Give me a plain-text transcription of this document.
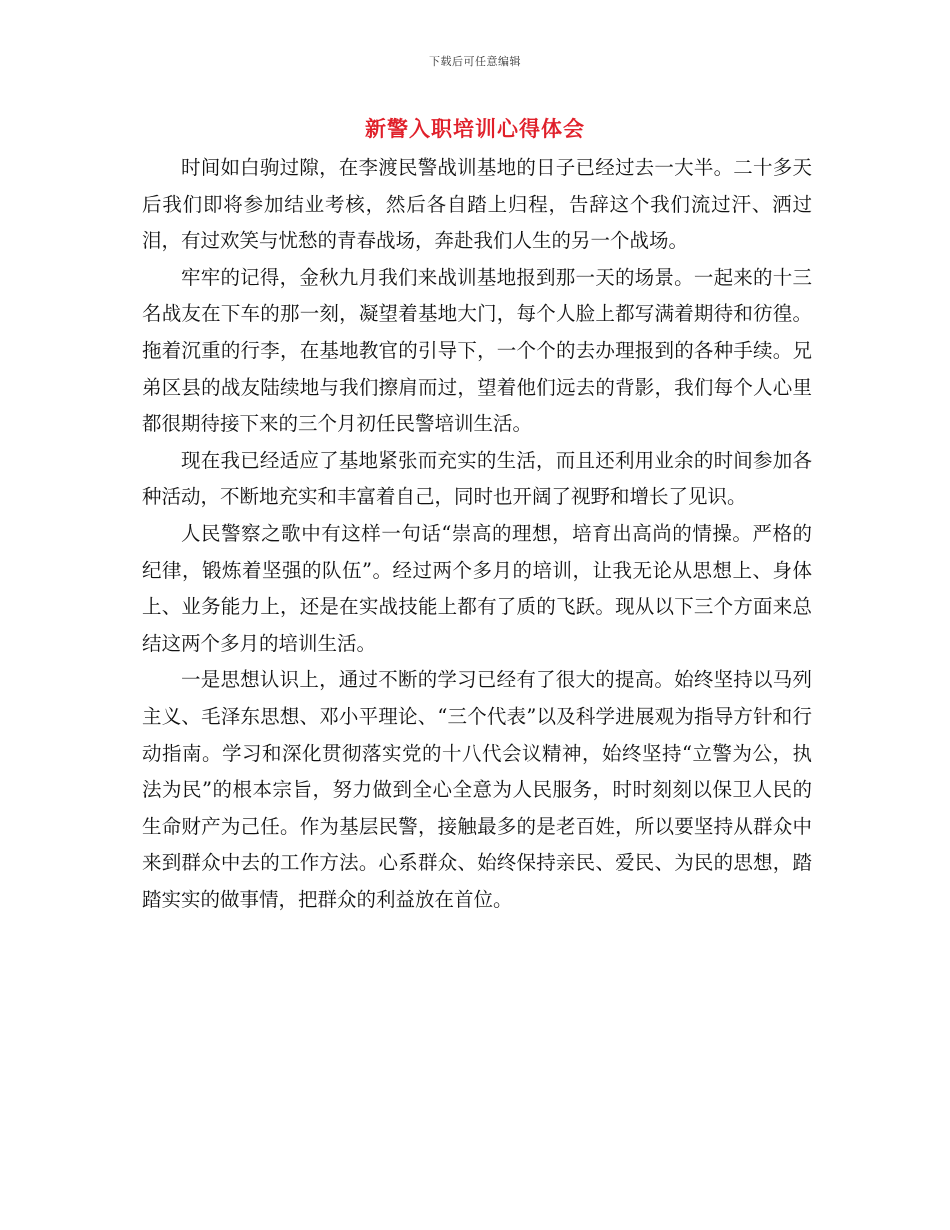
下载后可任意编辑
新警入职培训心得体会

时间如白驹过隙，在李渡民警战训基地的日子已经过去一大半。二十多天后我们即将参加结业考核，然后各自踏上归程，告辞这个我们流过汗、洒过泪，有过欢笑与忧愁的青春战场，奔赴我们人生的另一个战场。

牢牢的记得，金秋九月我们来战训基地报到那一天的场景。一起来的十三名战友在下车的那一刻，凝望着基地大门，每个人脸上都写满着期待和彷徨。拖着沉重的行李，在基地教官的引导下，一个个的去办理报到的各种手续。兄弟区县的战友陆续地与我们擦肩而过，望着他们远去的背影，我们每个人心里都很期待接下来的三个月初任民警培训生活。

现在我已经适应了基地紧张而充实的生活，而且还利用业余的时间参加各种活动，不断地充实和丰富着自己，同时也开阔了视野和增长了见识。

人民警察之歌中有这样一句话“崇高的理想，培育出高尚的情操。严格的纪律，锻炼着坚强的队伍”。经过两个多月的培训，让我无论从思想上、身体上、业务能力上，还是在实战技能上都有了质的飞跃。现从以下三个方面来总结这两个多月的培训生活。

一是思想认识上，通过不断的学习已经有了很大的提高。始终坚持以马列主义、毛泽东思想、邓小平理论、“三个代表”以及科学进展观为指导方针和行动指南。学习和深化贯彻落实党的十八代会议精神，始终坚持“立警为公，执法为民”的根本宗旨，努力做到全心全意为人民服务，时时刻刻以保卫人民的生命财产为己任。作为基层民警，接触最多的是老百姓，所以要坚持从群众中来到群众中去的工作方法。心系群众、始终保持亲民、爱民、为民的思想，踏踏实实的做事情，把群众的利益放在首位。
